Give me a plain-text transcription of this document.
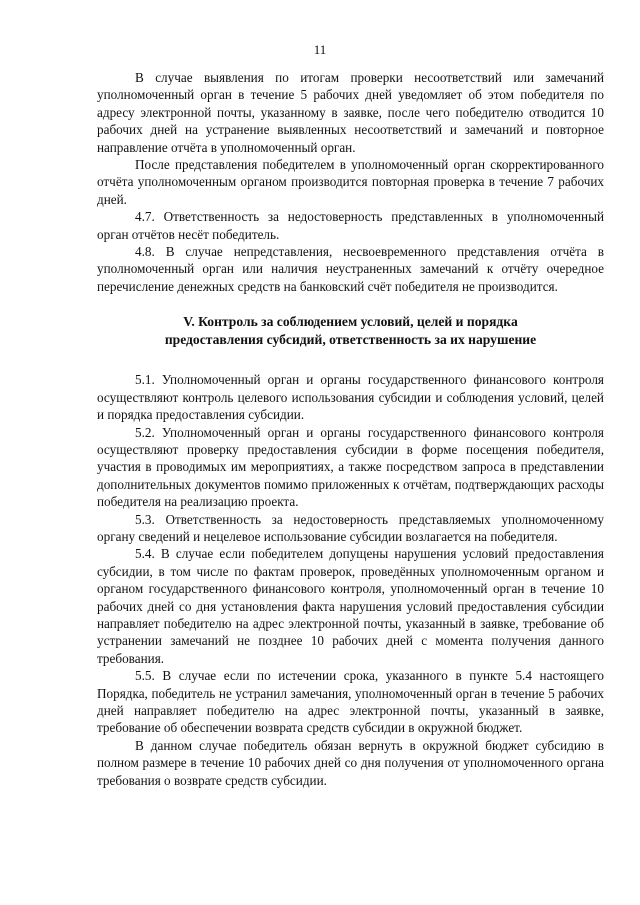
11

В случае выявления по итогам проверки несоответствий или замечаний уполномоченный орган в течение 5 рабочих дней уведомляет об этом победителя по адресу электронной почты, указанному в заявке, после чего победителю отводится 10 рабочих дней на устранение выявленных несоответствий и замечаний и повторное направление отчёта в уполномоченный орган.

После представления победителем в уполномоченный орган скорректированного отчёта уполномоченным органом производится повторная проверка в течение 7 рабочих дней.

4.7. Ответственность за недостоверность представленных в уполномоченный орган отчётов несёт победитель.

4.8. В случае непредставления, несвоевременного представления отчёта в уполномоченный орган или наличия неустраненных замечаний к отчёту очередное перечисление денежных средств на банковский счёт победителя не производится.

V. Контроль за соблюдением условий, целей и порядка
предоставления субсидий, ответственность за их нарушение

5.1. Уполномоченный орган и органы государственного финансового контроля осуществляют контроль целевого использования субсидии и соблюдения условий, целей и порядка предоставления субсидии.

5.2. Уполномоченный орган и органы государственного финансового контроля осуществляют проверку предоставления субсидии в форме посещения победителя, участия в проводимых им мероприятиях, а также посредством запроса в представлении дополнительных документов помимо приложенных к отчётам, подтверждающих расходы победителя на реализацию проекта.

5.3. Ответственность за недостоверность представляемых уполномоченному органу сведений и нецелевое использование субсидии возлагается на победителя.

5.4. В случае если победителем допущены нарушения условий предоставления субсидии, в том числе по фактам проверок, проведённых уполномоченным органом и органом государственного финансового контроля, уполномоченный орган в течение 10 рабочих дней со дня установления факта нарушения условий предоставления субсидии направляет победителю на адрес электронной почты, указанный в заявке, требование об устранении замечаний не позднее 10 рабочих дней с момента получения данного требования.

5.5. В случае если по истечении срока, указанного в пункте 5.4 настоящего Порядка, победитель не устранил замечания, уполномоченный орган в течение 5 рабочих дней направляет победителю на адрес электронной почты, указанный в заявке, требование об обеспечении возврата средств субсидии в окружной бюджет.

В данном случае победитель обязан вернуть в окружной бюджет субсидию в полном размере в течение 10 рабочих дней со дня получения от уполномоченного органа требования о возврате средств субсидии.
